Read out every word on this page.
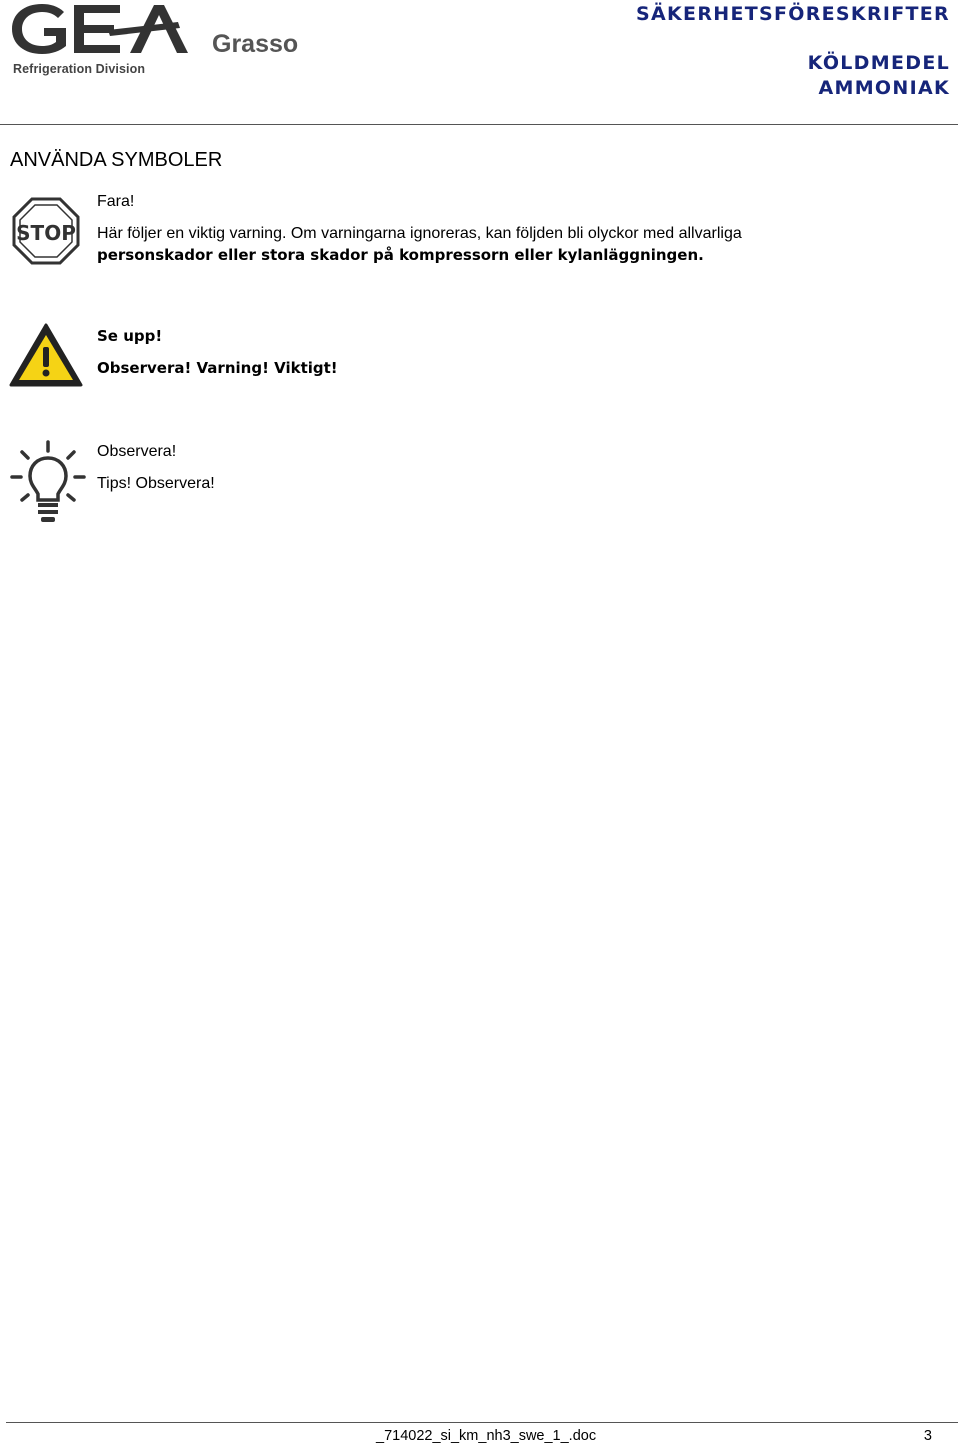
Grasso
Refrigeration Division
SÄKERHETSFÖRESKRIFTER
KÖLDMEDEL
AMMONIAK
ANVÄNDA SYMBOLER
STOP
Fara!
Här följer en viktig varning. Om varningarna ignoreras, kan följden bli olyckor med allvarliga
personskador eller stora skador på kompressorn eller kylanläggningen.
Se upp!
Observera! Varning! Viktigt!
Observera!
Tips! Observera!
_714022_si_km_nh3_swe_1_.doc	3
